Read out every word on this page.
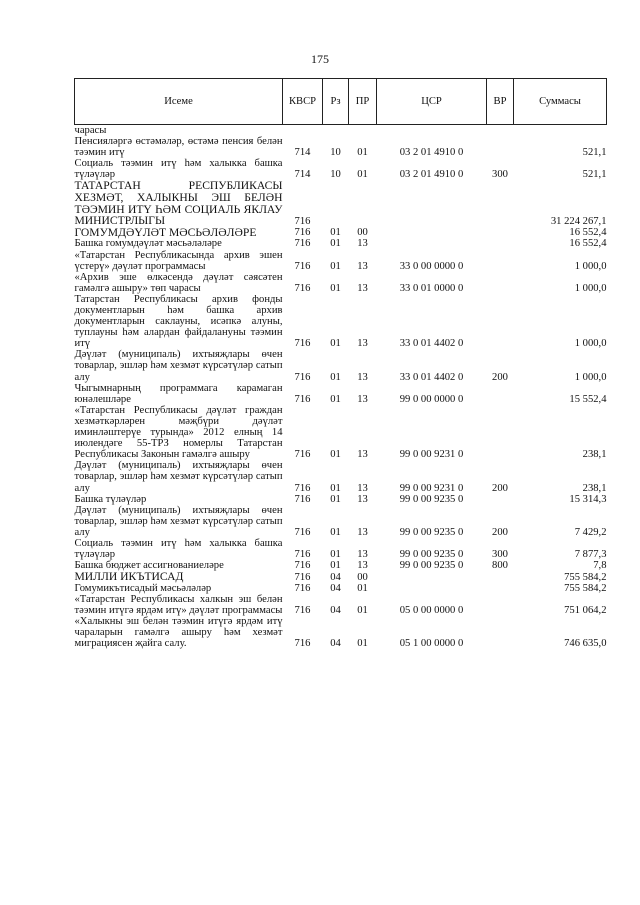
175
Исеме	КВСР	Рз	ПР	ЦСР	ВР	Суммасы
чарасы						
Пенсиялəргə өстəмəлəр, өстəмə пенсия белəн тəэмин итү	714	10	01	03 2 01 4910 0		521,1
Социаль тəэмин итү һəм халыкка башка түлəүлəр	714	10	01	03 2 01 4910 0	300	521,1
ТАТАРСТАН РЕСПУБЛИКАСЫ ХЕЗМƏТ, ХАЛЫКНЫ ЭШ БЕЛƏН ТƏЭМИН ИТҮ ҺƏМ СОЦИАЛЬ ЯКЛАУ МИНИСТРЛЫГЫ	716					31 224 267,1
ГОМУМДƏҮЛƏТ МƏСЬƏЛƏЛƏРЕ	716	01	00			16 552,4
Башка гомумдəүлəт мəсьəлəлəре	716	01	13			16 552,4
«Татарстан Республикасында архив эшен үстерү» дəүлəт программасы	716	01	13	33 0 00 0000 0		1 000,0
«Архив эше өлкəсендə дəүлəт сəясəтен гамəлгə ашыру» төп чарасы	716	01	13	33 0 01 0000 0		1 000,0
Татарстан Республикасы архив фонды документларын һəм башка архив документларын саклауны, исəпкə алуны, туплауны һəм алардан файдалануны тəэмин итү	716	01	13	33 0 01 4402 0		1 000,0
Дəүлəт (муниципаль) ихтыяҗлары өчен товарлар, эшлəр һəм хезмəт күрсəтүлəр сатып алу	716	01	13	33 0 01 4402 0	200	1 000,0
Чыгымнарның программага карамаган юнəлешлəре	716	01	13	99 0 00 0000 0		15 552,4
«Татарстан Республикасы дəүлəт граждан хезмəткəрлəрен мəҗбүри дəүлəт иминлəштерүе турында» 2012 елның 14 июлендəге 55-ТРЗ номерлы Татарстан Республикасы Законын гамəлгə ашыру	716	01	13	99 0 00 9231 0		238,1
Дəүлəт (муниципаль) ихтыяҗлары өчен товарлар, эшлəр һəм хезмəт күрсəтүлəр сатып алу	716	01	13	99 0 00 9231 0	200	238,1
Башка түлəүлəр	716	01	13	99 0 00 9235 0		15 314,3
Дəүлəт (муниципаль) ихтыяҗлары өчен товарлар, эшлəр һəм хезмəт күрсəтүлəр сатып алу	716	01	13	99 0 00 9235 0	200	7 429,2
Социаль тəэмин итү һəм халыкка башка түлəүлəр	716	01	13	99 0 00 9235 0	300	7 877,3
Башка бюджет ассигнованиелəре	716	01	13	99 0 00 9235 0	800	7,8
МИЛЛИ ИКЪТИСАД	716	04	00			755 584,2
Гомумикътисадый мəсьəлəлəр	716	04	01			755 584,2
«Татарстан Республикасы халкын эш белəн тəэмин итүгə ярдəм итү» дəүлəт программасы	716	04	01	05 0 00 0000 0		751 064,2
«Халыкны эш белəн тəэмин итүгə ярдəм итү чараларын гамəлгə ашыру һəм хезмəт миграциясен җайга салу.	716	04	01	05 1 00 0000 0		746 635,0
